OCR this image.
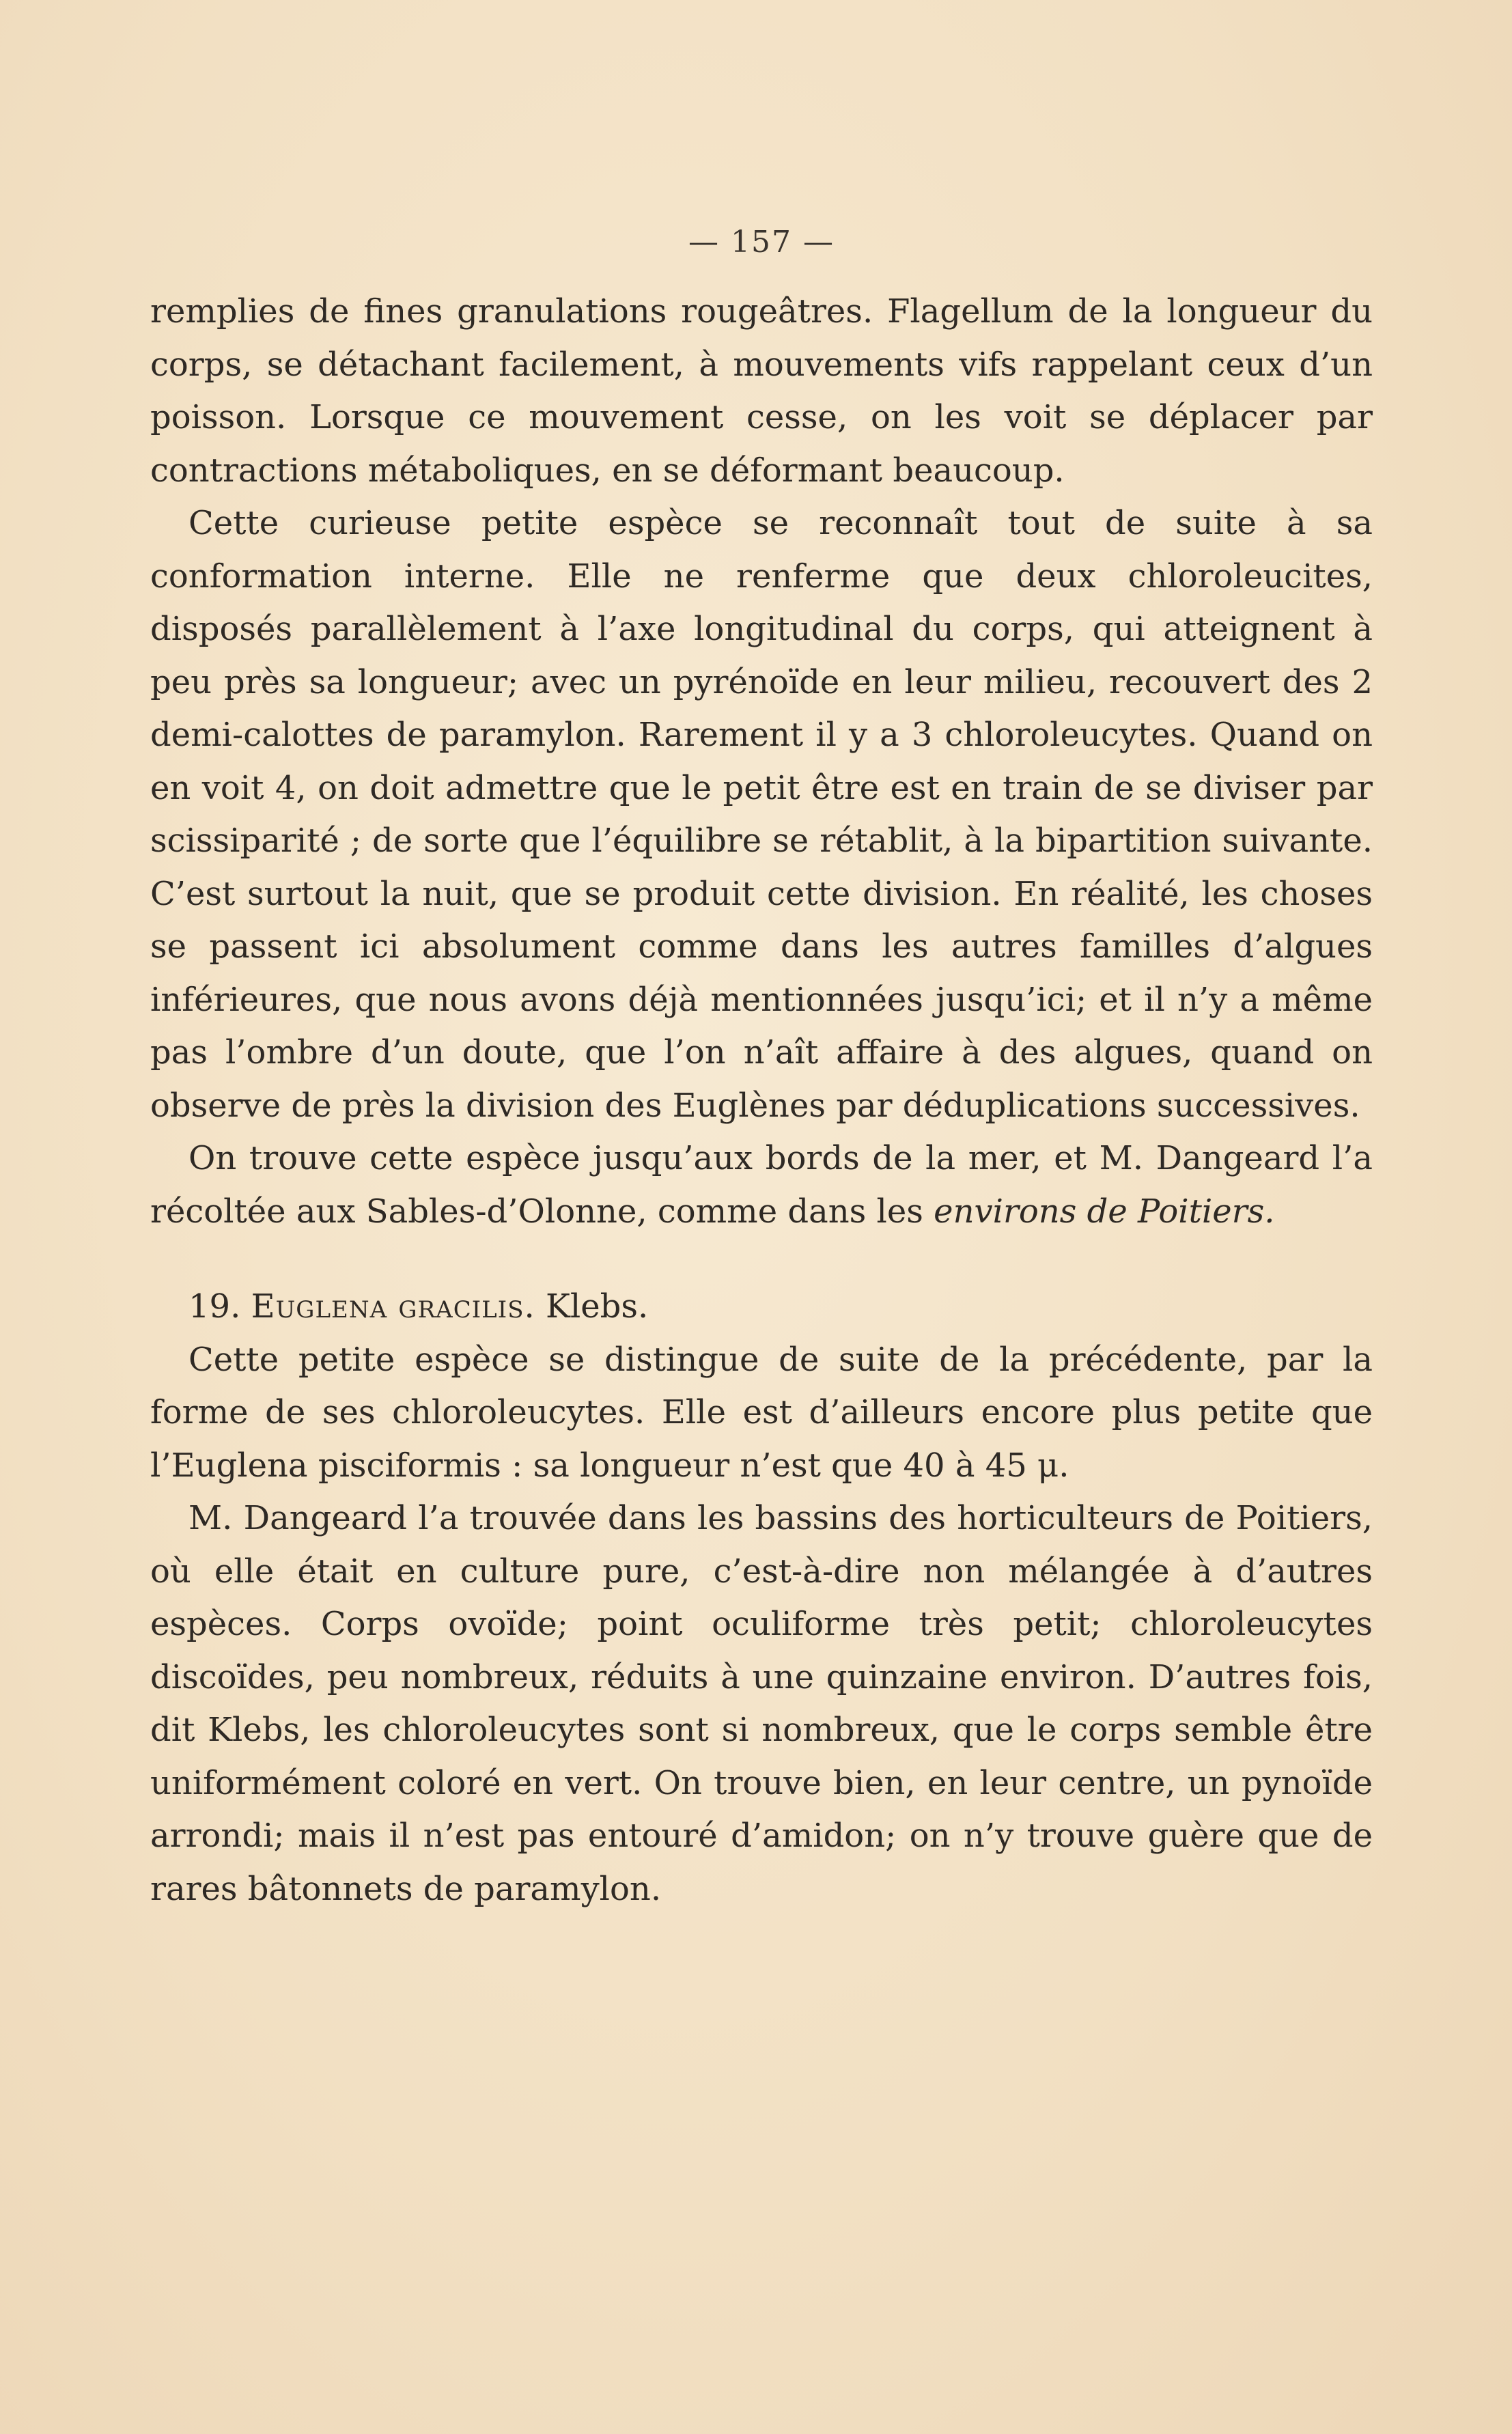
— 157 —

remplies de fines granulations rougeâtres. Flagellum de la longueur du corps, se détachant facilement, à mouvements vifs rappelant ceux d’un poisson. Lorsque ce mouvement cesse, on les voit se déplacer par contractions métaboliques, en se déformant beaucoup.

Cette curieuse petite espèce se reconnaît tout de suite à sa conformation interne. Elle ne renferme que deux chloroleucites, disposés parallèlement à l’axe longitudinal du corps, qui atteignent à peu près sa longueur; avec un pyrénoïde en leur milieu, recouvert des 2 demi-calottes de paramylon. Rarement il y a 3 chloroleucytes. Quand on en voit 4, on doit admettre que le petit être est en train de se diviser par scissiparité ; de sorte que l’équilibre se rétablit, à la bipartition suivante. C’est surtout la nuit, que se produit cette division. En réalité, les choses se passent ici absolument comme dans les autres familles d’algues inférieures, que nous avons déjà mentionnées jusqu’ici; et il n’y a même pas l’ombre d’un doute, que l’on n’aît affaire à des algues, quand on observe de près la division des Euglènes par déduplications successives.

On trouve cette espèce jusqu’aux bords de la mer, et M. Dangeard l’a récoltée aux Sables-d’Olonne, comme dans les environs de Poitiers.

19. Euglena gracilis. Klebs.

Cette petite espèce se distingue de suite de la précédente, par la forme de ses chloroleucytes. Elle est d’ailleurs encore plus petite que l’Euglena pisciformis : sa longueur n’est que 40 à 45 μ.

M. Dangeard l’a trouvée dans les bassins des horticulteurs de Poitiers, où elle était en culture pure, c’est-à-dire non mélangée à d’autres espèces. Corps ovoïde; point oculiforme très petit; chloroleucytes discoïdes, peu nombreux, réduits à une quinzaine environ. D’autres fois, dit Klebs, les chloroleucytes sont si nombreux, que le corps semble être uniformément coloré en vert. On trouve bien, en leur centre, un pynoïde arrondi; mais il n’est pas entouré d’amidon; on n’y trouve guère que de rares bâtonnets de paramylon.
